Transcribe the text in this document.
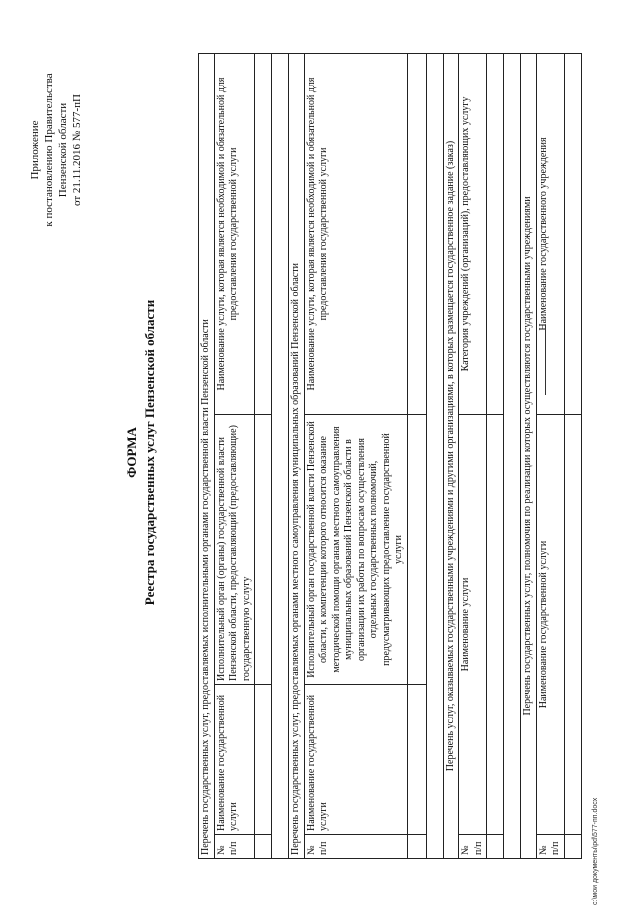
Приложение к постановлению Правительства Пензенской области от 21.11.2016 № 577-пП
ФОРМА Реестра государственных услуг Пензенской области	Перечень государственных услуг, предоставляемых исполнительными органами государственной власти Пензенской области			
№ п/п	Наименование государственной услуги	Исполнительный орган (органы) государственной власти Пензенской области, предоставляющий (предоставляющие) государственную услугу	Наименование услуги, которая является необходимой и обязательной для предоставления государственной услуги

Перечень государственных услуг, предоставляемых органами местного самоуправления муниципальных образований Пензенской области			
№ п/п	Наименование государственной услуги	Исполнительный орган государственной власти Пензенской области, к компетенции которого относится оказание методической помощи органам местного самоуправления муниципальных образований Пензенской области в организации их работы по вопросам осуществления отдельных государственных полномочий, предусматривающих предоставление государственной услуги	Наименование услуги, которая является необходимой и обязательной для предоставления государственной услуги

Перечень услуг, оказываемых государственными учреждениями и другими организациями, в которых размещается государственное задание (заказ)			
№ п/п	Наименование услуги		Категория учреждений (организаций), предоставляющих услугу

Перечень государственных услуг, полномочия по реализации которых осуществляются государственными учреждениями			
№ п/п	Наименование государственной услуги		Наименование государственного учреждения

c:\мои документы\pd\577-пп.docx
